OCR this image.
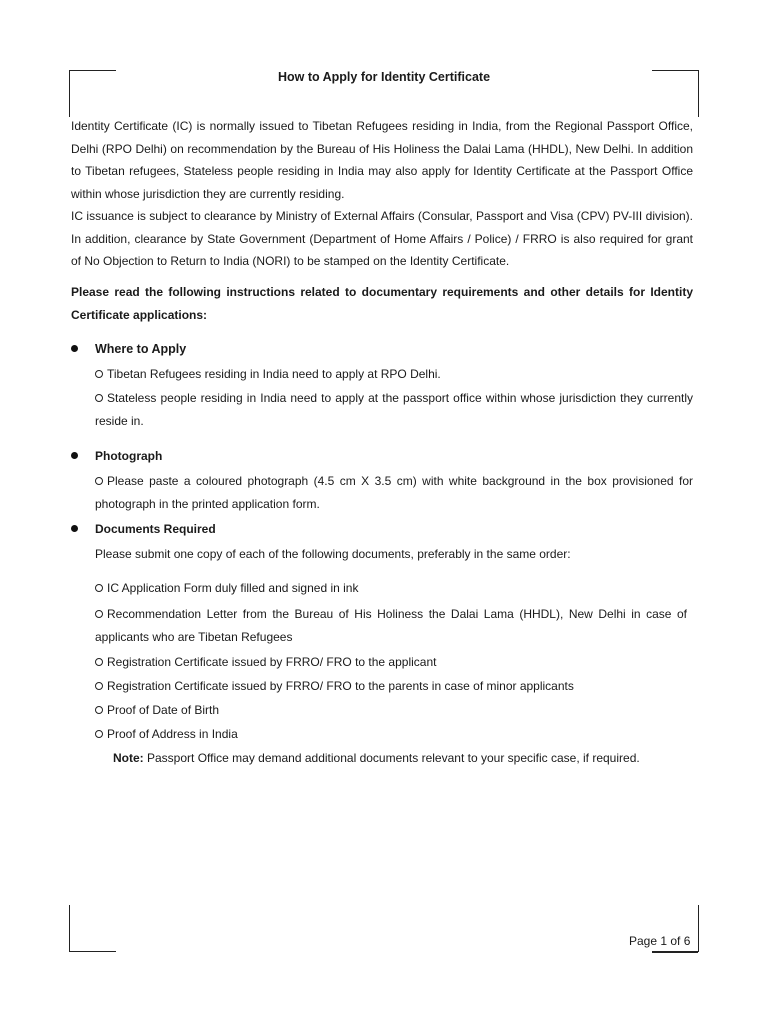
How to Apply for Identity Certificate

Identity Certificate (IC) is normally issued to Tibetan Refugees residing in India, from the Regional Passport Office, Delhi (RPO Delhi) on recommendation by the Bureau of His Holiness the Dalai Lama (HHDL), New Delhi. In addition to Tibetan refugees, Stateless people residing in India may also apply for Identity Certificate at the Passport Office within whose jurisdiction they are currently residing.

IC issuance is subject to clearance by Ministry of External Affairs (Consular, Passport and Visa (CPV) PV-III division). In addition, clearance by State Government (Department of Home Affairs / Police) / FRRO is also required for grant of No Objection to Return to India (NORI) to be stamped on the Identity Certificate.

Please read the following instructions related to documentary requirements and other details for Identity Certificate applications:
Where to Apply
Tibetan Refugees residing in India need to apply at RPO Delhi.
Stateless people residing in India need to apply at the passport office within whose jurisdiction they currently reside in.
Photograph
Please paste a coloured photograph (4.5 cm X 3.5 cm) with white background in the box provisioned for photograph in the printed application form.
Documents Required
Please submit one copy of each of the following documents, preferably in the same order:
IC Application Form duly filled and signed in ink
Recommendation Letter from the Bureau of His Holiness the Dalai Lama (HHDL), New Delhi in case of applicants who are Tibetan Refugees
Registration Certificate issued by FRRO/ FRO to the applicant
Registration Certificate issued by FRRO/ FRO to the parents in case of minor applicants
Proof of Date of Birth
Proof of Address in India
Note: Passport Office may demand additional documents relevant to your specific case, if required.
Page 1 of 6
